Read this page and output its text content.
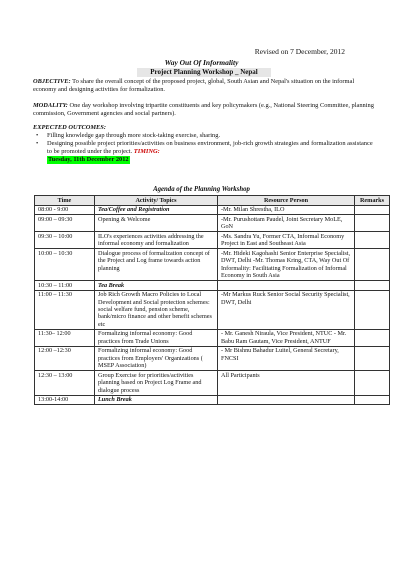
Revised on 7 December, 2012
Way Out Of Informality
Project Planning Workshop _ Nepal
OBJECTIVE: To share the overall concept of the proposed project, global, South Asian and Nepal's situation on the informal economy and designing activities for formalization.
MODALITY: One day workshop involving tripartite constituents and key policymakers (e.g., National Steering Committee, planning commission, Government agencies and social partners).
EXPECTED OUTCOMES:
• Filling knowledge gap through more stock-taking exercise, sharing.
• Designing possible project priorities/activities on business environment, job-rich growth strategies and formalization assistance to be promoted under the project. TIMING:
Tuesday, 11th December 2012
Agenda of the Planning Workshop
Time	Activity/ Topics	Resource Person	Remarks
08:00 - 9:00	Tea/Coffee and Registration	-Mr. Milan Shrestha, ILO	
09:00 – 09:30	Opening & Welcome	-Mr. Purushottam Paudel, Joint Secretary MoLE, GoN	
09:30 – 10:00	ILO's experiences activities addressing the informal economy and formalization	-Ms. Sandra Yu, Former CTA, Informal Economy Project in East and Southeast Asia	
10:00 – 10:30	Dialogue process of formalization concept of the Project and Log frame towards action planning	-Mr. Hideki Kagohashi Senior Enterprise Specialist, DWT, Delhi -Mr. Thomas Kring, CTA, Way Out Of Informality: Facilitating Formalization of Informal Economy in South Asia	
10:30 – 11:00	Tea Break		
11:00 – 11:30	Job Rich Growth Macro Policies to Local Development and Social protection schemes: social welfare fund, pension scheme, bank/micro finance and other benefit schemes etc	-Mr Markus Ruck Senior Social Security Specialist, DWT, Delhi	
11:30– 12:00	Formalizing informal economy: Good practices from Trade Unions	- Mr. Ganesh Niraula, Vice President, NTUC - Mr. Babu Ram Gautam, Vice President, ANTUF	
12:00 –12:30	Formalizing informal economy: Good practices from Employers' Organizations ( MSEP Association)	- Mr Bishnu Bahadur Luitel, General Secretary, FNCSI	
12:30 – 13:00	Group Exercise for priorities/activities planning based on Project Log Frame and dialogue process	All Participants	
13:00-14:00	Lunch Break		
